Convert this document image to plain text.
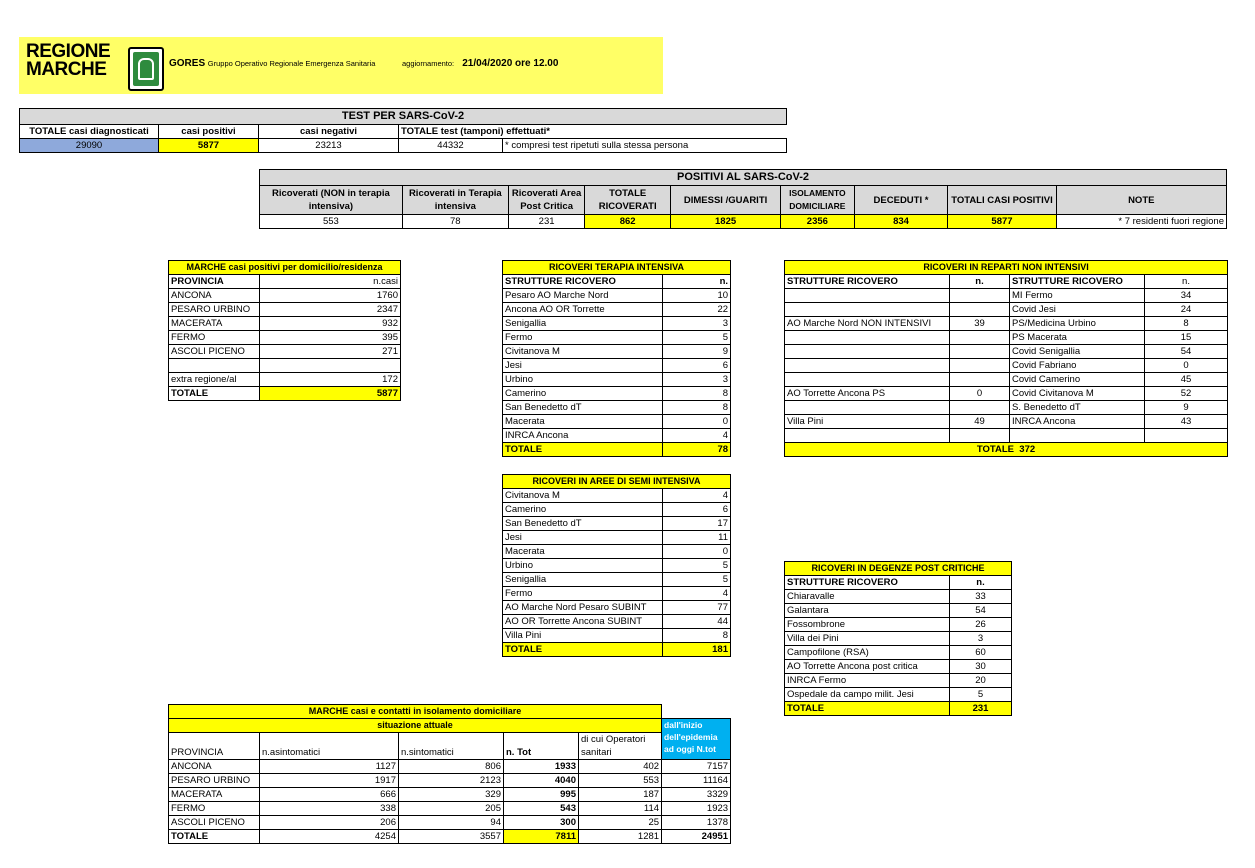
REGIONE
MARCHE	GORES Gruppo Operativo Regionale Emergenza Sanitaria	aggiornamento: 21/04/2020 ore 12.00
TEST PER SARS-CoV-2				
TOTALE casi diagnosticati	casi positivi	casi negativi	TOTALE test (tamponi) effettuati*	
29090	5877	23213	44332	* compresi test ripetuti sulla stessa persona
POSITIVI AL SARS-CoV-2								
Ricoverati (NON in terapia intensiva)	Ricoverati in Terapia intensiva	Ricoverati Area Post Critica	TOTALE RICOVERATI	DIMESSI /GUARITI	ISOLAMENTO DOMICILIARE	DECEDUTI *	TOTALI CASI POSITIVI	NOTE
553	78	231	862	1825	2356	834	5877	* 7 residenti fuori regione
MARCHE casi positivi per domicilio/residenza	
PROVINCIA	n.casi
ANCONA	1760
PESARO URBINO	2347
MACERATA	932
FERMO	395
ASCOLI PICENO	271

extra regione/al	172
TOTALE	5877
RICOVERI TERAPIA INTENSIVA	
STRUTTURE RICOVERO	n.
Pesaro AO Marche Nord	10
Ancona AO OR Torrette	22
Senigallia	3
Fermo	5
Civitanova M	9
Jesi	6
Urbino	3
Camerino	8
San Benedetto dT	8
Macerata	0
INRCA Ancona	4
TOTALE	78
RICOVERI IN AREE DI SEMI INTENSIVA	
Civitanova M	4
Camerino	6
San Benedetto dT	17
Jesi	11
Macerata	0
Urbino	5
Senigallia	5
Fermo	4
AO Marche Nord Pesaro SUBINT	77
AO OR Torrette Ancona SUBINT	44
Villa Pini	8
TOTALE	181
RICOVERI IN REPARTI NON INTENSIVI			
STRUTTURE RICOVERO	n.	STRUTTURE RICOVERO	n.
		MI Fermo	34
		Covid Jesi	24
AO Marche Nord NON INTENSIVI	39	PS/Medicina Urbino	8
		PS Macerata	15
		Covid Senigallia	54
		Covid Fabriano	0
		Covid Camerino	45
AO Torrette Ancona PS	0	Covid Civitanova M	52
		S. Benedetto dT	9
Villa Pini	49	INRCA Ancona	43

TOTALE 372			
RICOVERI IN DEGENZE POST CRITICHE	
STRUTTURE RICOVERO	n.
Chiaravalle	33
Galantara	54
Fossombrone	26
Villa dei Pini	3
Campofilone (RSA)	60
AO Torrette Ancona post critica	30
INRCA Fermo	20
Ospedale da campo milit. Jesi	5
TOTALE	231
MARCHE casi e contatti in isolamento domiciliare					
situazione attuale					dall'inizio dell'epidemia ad oggi N.tot
PROVINCIA	n.asintomatici	n.sintomatici	n. Tot	di cui Operatori sanitari	

ANCONA	1127	806	1933	402	7157
PESARO URBINO	1917	2123	4040	553	11164
MACERATA	666	329	995	187	3329
FERMO	338	205	543	114	1923
ASCOLI PICENO	206	94	300	25	1378
TOTALE	4254	3557	7811	1281	24951
